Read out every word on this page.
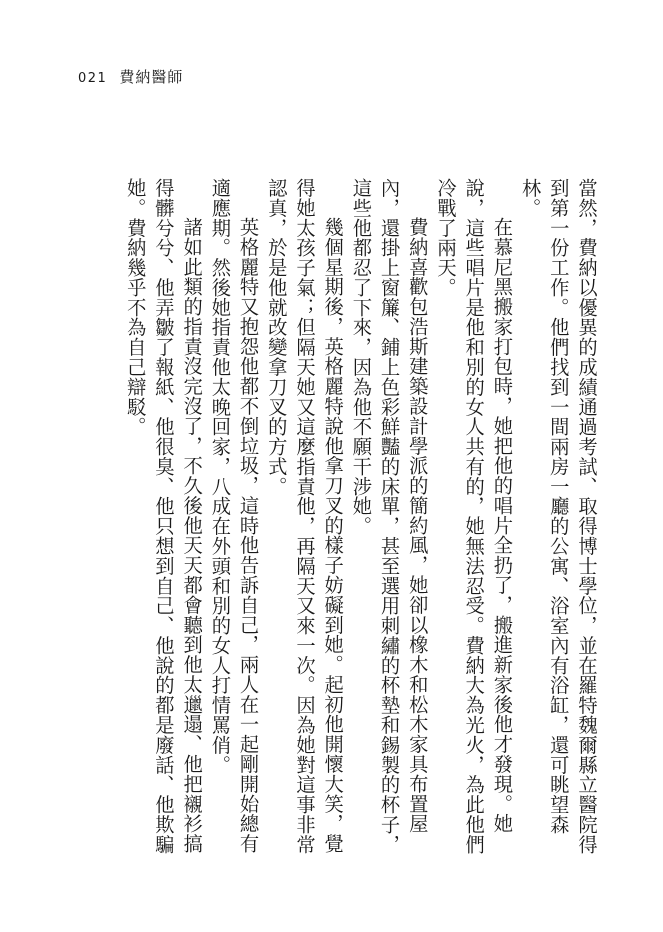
021 費納醫師

當然，費納以優異的成績通過考試、取得博士學位，並在羅特魏爾縣立醫院得到第一份工作。他們找到一間兩房一廳的公寓、浴室內有浴缸，還可眺望森林。

在慕尼黑搬家打包時，她把他的唱片全扔了，搬進新家後他才發現。她說，這些唱片是他和別的女人共有的，她無法忍受。費納大為光火，為此他們冷戰了兩天。

費納喜歡包浩斯建築設計學派的簡約風，她卻以橡木和松木家具布置屋內，還掛上窗簾、鋪上色彩鮮豔的床單，甚至選用刺繡的杯墊和錫製的杯子，這些他都忍了下來，因為他不願干涉她。

幾個星期後，英格麗特說他拿刀叉的樣子妨礙到她。起初他開懷大笑，覺得她太孩子氣；但隔天她又這麼指責他，再隔天又來一次。因為她對這事非常認真，於是他就改變拿刀叉的方式。

英格麗特又抱怨他都不倒垃圾，這時他告訴自己，兩人在一起剛開始總有適應期。然後她指責他太晚回家，八成在外頭和別的女人打情罵俏。

諸如此類的指責沒完沒了，不久後他天天都會聽到他太邋遢、他把襯衫搞得髒兮兮、他弄皺了報紙、他很臭、他只想到自己、他說的都是廢話、他欺騙她。費納幾乎不為自己辯駁。
